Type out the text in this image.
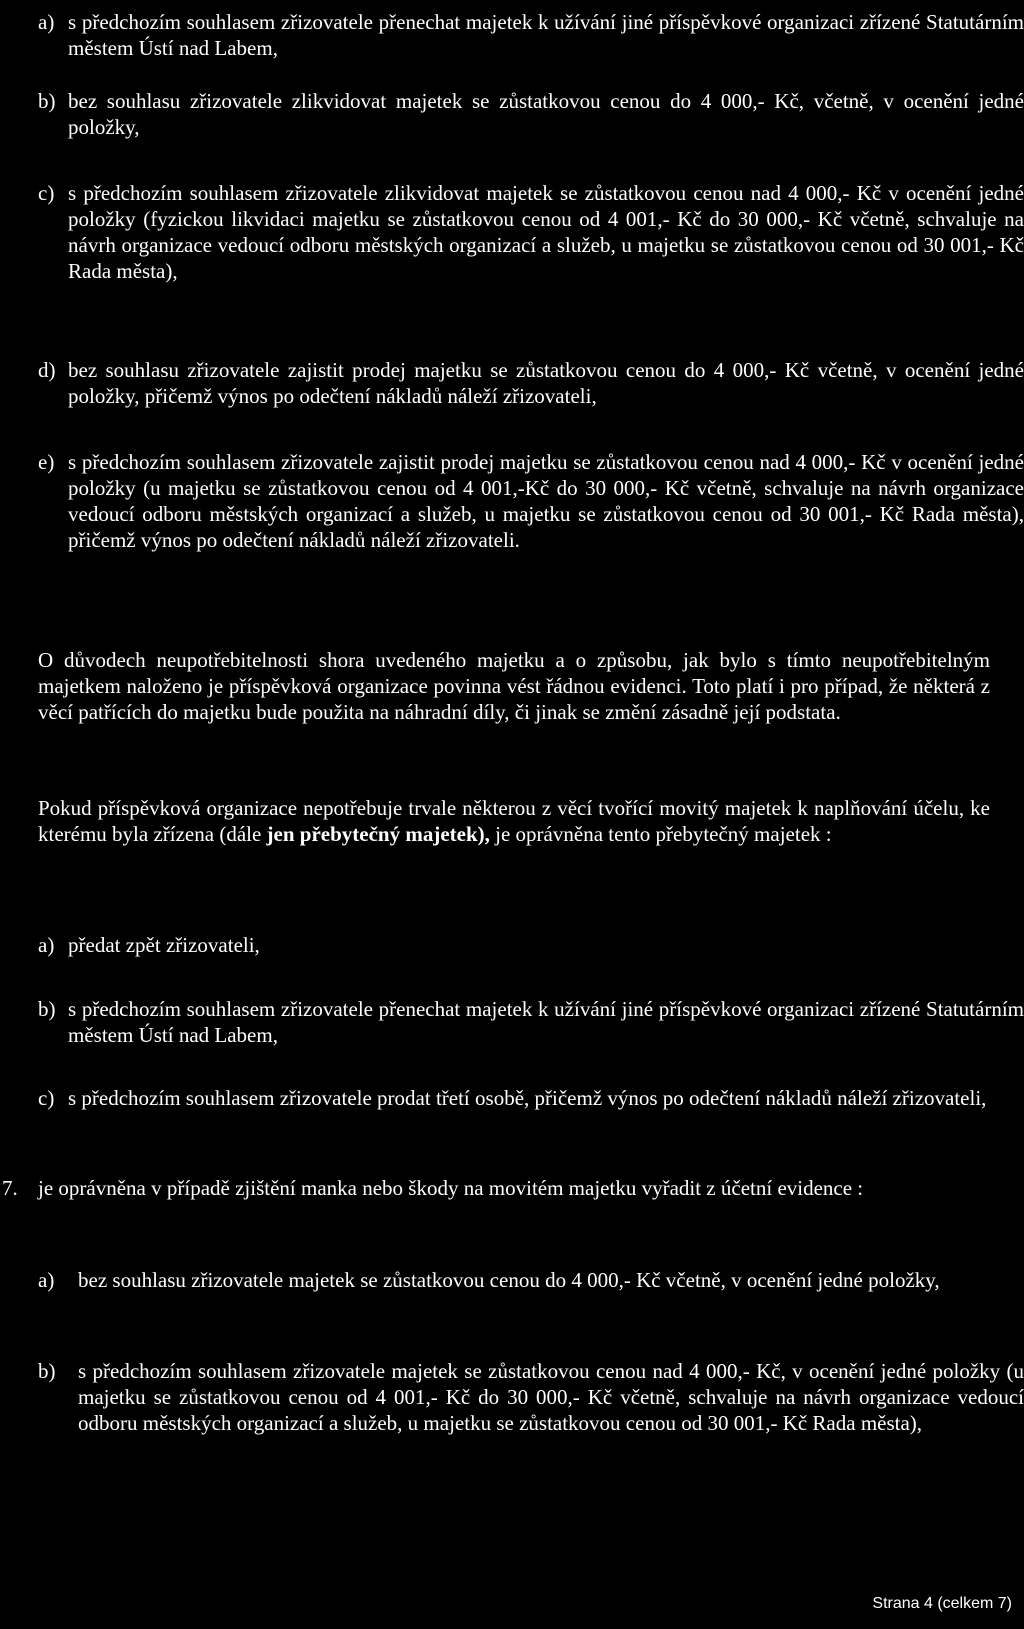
a) s předchozím souhlasem zřizovatele přenechat majetek k užívání jiné příspěvkové organizaci zřízené Statutárním městem Ústí nad Labem,
b) bez souhlasu zřizovatele zlikvidovat majetek se zůstatkovou cenou do 4 000,- Kč, včetně, v ocenění jedné položky,
c) s předchozím souhlasem zřizovatele zlikvidovat majetek se zůstatkovou cenou nad 4 000,- Kč v ocenění jedné položky (fyzickou likvidaci majetku se zůstatkovou cenou od 4 001,- Kč do 30 000,- Kč včetně, schvaluje na návrh organizace vedoucí odboru městských organizací a služeb, u majetku se zůstatkovou cenou od 30 001,- Kč Rada města),
d) bez souhlasu zřizovatele zajistit prodej majetku se zůstatkovou cenou do 4 000,- Kč včetně, v ocenění jedné položky, přičemž výnos po odečtení nákladů náleží zřizovateli,
e) s předchozím souhlasem zřizovatele zajistit prodej majetku se zůstatkovou cenou nad 4 000,- Kč v ocenění jedné položky (u majetku se zůstatkovou cenou od 4 001,-Kč do 30 000,- Kč včetně, schvaluje na návrh organizace vedoucí odboru městských organizací a služeb, u majetku se zůstatkovou cenou od 30 001,- Kč Rada města), přičemž výnos po odečtení nákladů náleží zřizovateli.
O důvodech neupotřebitelnosti shora uvedeného majetku a o způsobu, jak bylo s tímto neupotřebitelným majetkem naloženo je příspěvková organizace povinna vést řádnou evidenci. Toto platí i pro případ, že některá z věcí patřících do majetku bude použita na náhradní díly, či jinak se změní zásadně její podstata.
Pokud příspěvková organizace nepotřebuje trvale některou z věcí tvořící movitý majetek k naplňování účelu, ke kterému byla zřízena (dále jen přebytečný majetek), je oprávněna tento přebytečný majetek :
a) předat zpět zřizovateli,
b) s předchozím souhlasem zřizovatele přenechat majetek k užívání jiné příspěvkové organizaci zřízené Statutárním městem Ústí nad Labem,
c) s předchozím souhlasem zřizovatele prodat třetí osobě, přičemž výnos po odečtení nákladů náleží zřizovateli,
7. je oprávněna v případě zjištění manka nebo škody na movitém majetku vyřadit z účetní evidence :
a)	bez souhlasu zřizovatele majetek se zůstatkovou cenou do 4 000,- Kč včetně, v ocenění jedné položky,
b)	s předchozím souhlasem zřizovatele majetek se zůstatkovou cenou nad 4 000,- Kč, v ocenění jedné položky (u majetku se zůstatkovou cenou od 4 001,- Kč do 30 000,- Kč včetně, schvaluje na návrh organizace vedoucí odboru městských organizací a služeb, u majetku se zůstatkovou cenou od 30 001,- Kč Rada města),
Strana 4 (celkem 7)
